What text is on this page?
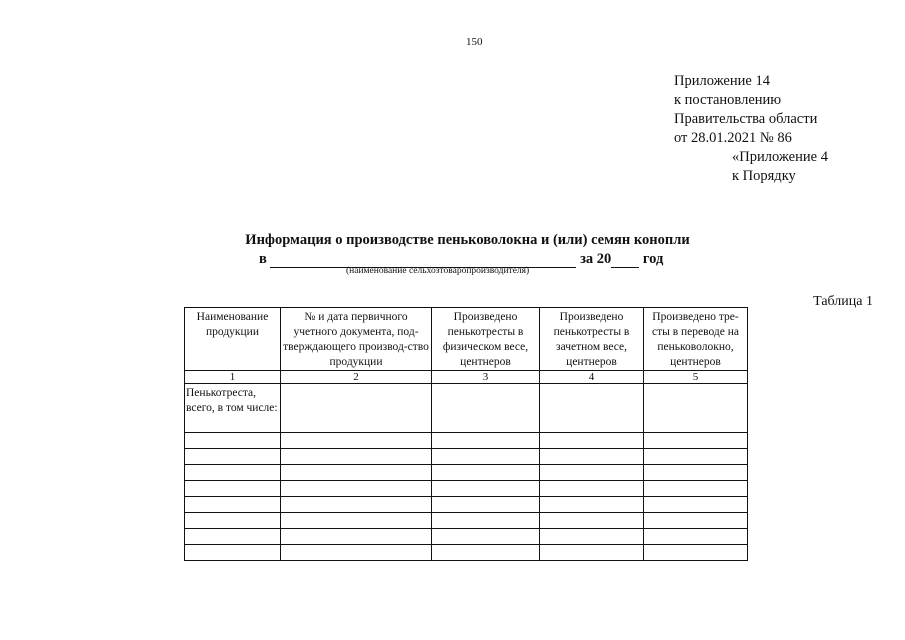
150
Приложение 14
к постановлению
Правительства области
от 28.01.2021 № 86
«Приложение 4
к Порядку
Информация о производстве пеньковолокна и (или) семян конопли
в	за 20 год
(наименование сельхозтоваропроизводителя)
Таблица 1
Наименование продукции	№ и дата первичного учетного документа, под-тверждающего производ-ство продукции	Произведено пенькотресты в физическом весе, центнеров	Произведено пенькотресты в зачетном весе, центнеров	Произведено тре-сты в переводе на пеньковолокно, центнеров
1	2	3	4	5
Пенькотреста, всего, в том числе:				
